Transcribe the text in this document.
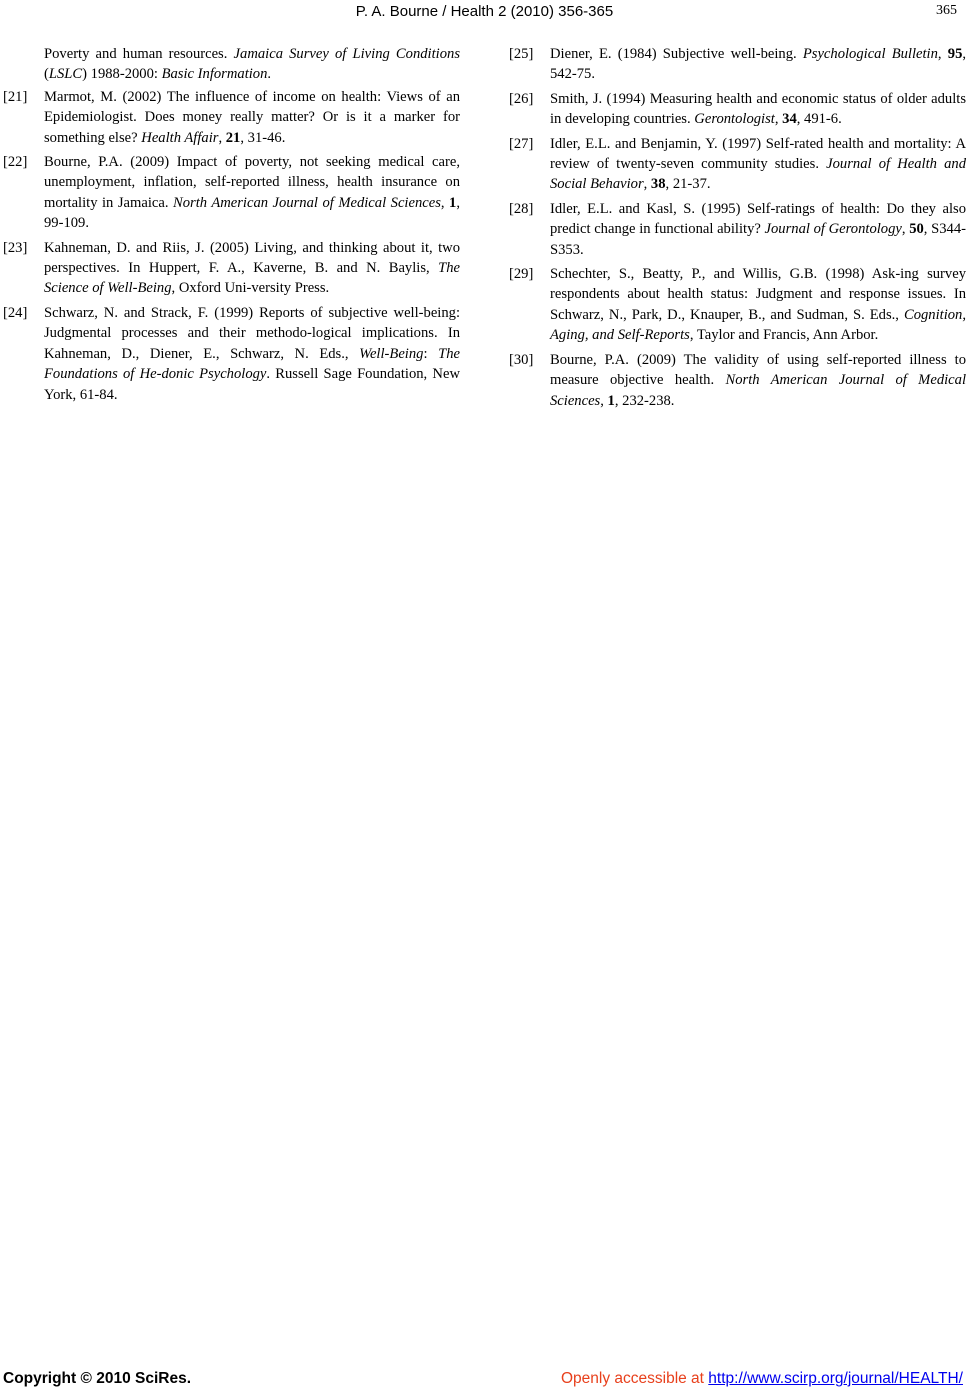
P. A. Bourne / Health 2 (2010) 356-365	365
Poverty and human resources. Jamaica Survey of Living Conditions (LSLC) 1988-2000: Basic Information.
[21]	Marmot, M. (2002) The influence of income on health: Views of an Epidemiologist. Does money really matter? Or is it a marker for something else? Health Affair, 21, 31-46.
[22]	Bourne, P.A. (2009) Impact of poverty, not seeking medical care, unemployment, inflation, self-reported illness, health insurance on mortality in Jamaica. North American Journal of Medical Sciences, 1, 99-109.
[23]	Kahneman, D. and Riis, J. (2005) Living, and thinking about it, two perspectives. In Huppert, F. A., Kaverne, B. and N. Baylis, The Science of Well-Being, Oxford Uni-versity Press.
[24]	Schwarz, N. and Strack, F. (1999) Reports of subjective well-being: Judgmental processes and their methodo-logical implications. In Kahneman, D., Diener, E., Schwarz, N. Eds., Well-Being: The Foundations of He-donic Psychology. Russell Sage Foundation, New York, 61-84.
[25]	Diener, E. (1984) Subjective well-being. Psychological Bulletin, 95, 542-75.
[26]	Smith, J. (1994) Measuring health and economic status of older adults in developing countries. Gerontologist, 34, 491-6.
[27]	Idler, E.L. and Benjamin, Y. (1997) Self-rated health and mortality: A review of twenty-seven community studies. Journal of Health and Social Behavior, 38, 21-37.
[28]	Idler, E.L. and Kasl, S. (1995) Self-ratings of health: Do they also predict change in functional ability? Journal of Gerontology, 50, S344-S353.
[29]	Schechter, S., Beatty, P., and Willis, G.B. (1998) Ask-ing survey respondents about health status: Judgment and response issues. In Schwarz, N., Park, D., Knauper, B., and Sudman, S. Eds., Cognition, Aging, and Self-Reports, Taylor and Francis, Ann Arbor.
[30]	Bourne, P.A. (2009) The validity of using self-reported illness to measure objective health. North American Journal of Medical Sciences, 1, 232-238.
Copyright © 2010 SciRes.	Openly accessible at http://www.scirp.org/journal/HEALTH/
